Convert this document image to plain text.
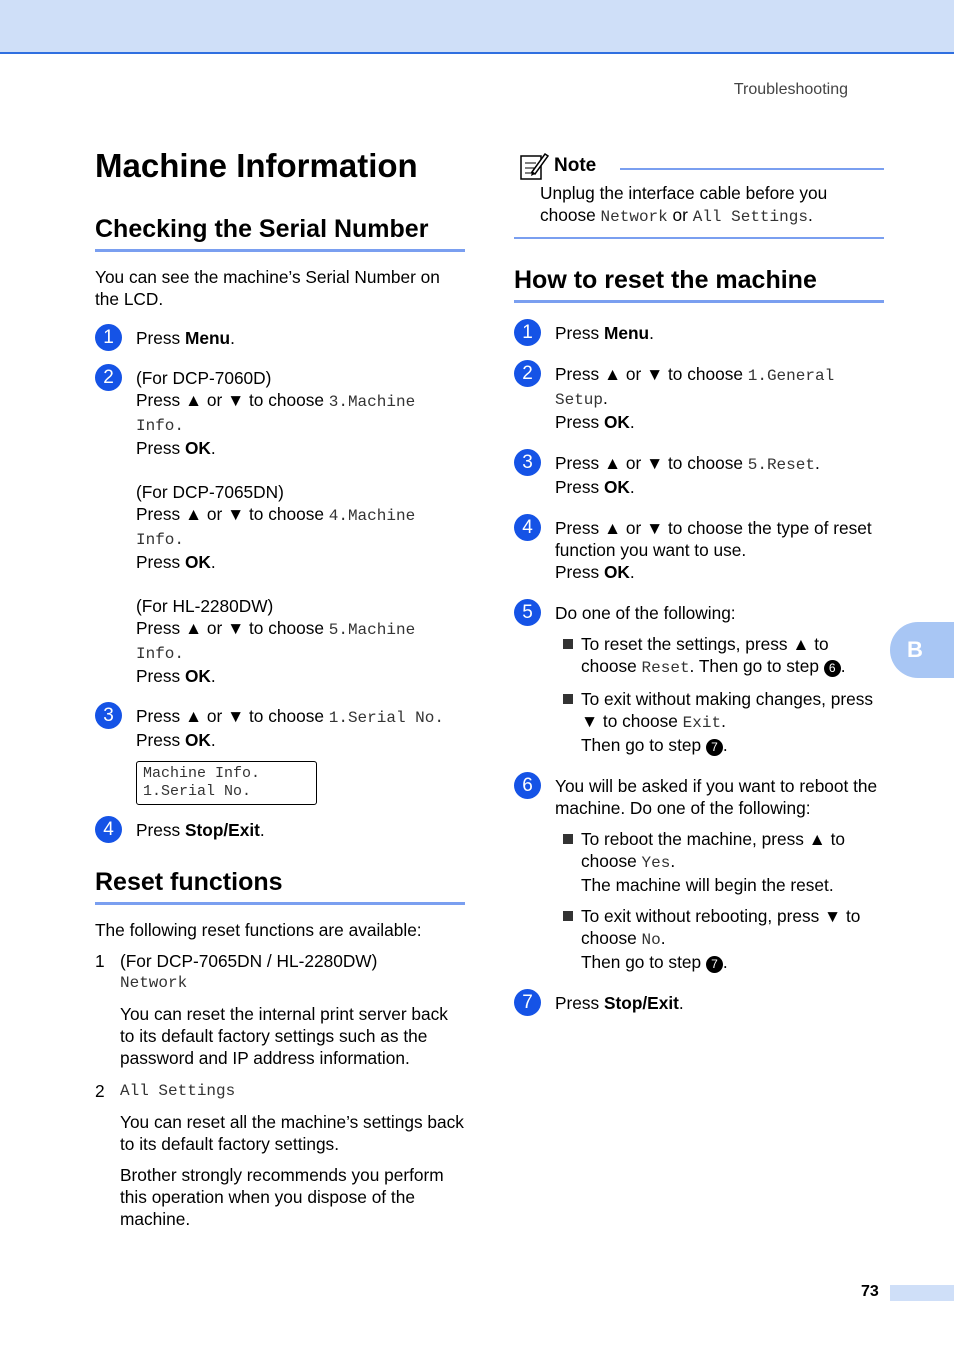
Troubleshooting
Machine Information
Checking the Serial Number
You can see the machine’s Serial Number on the LCD.
1	Press Menu.
2	(For DCP-7060D)
Press ▲ or ▼ to choose 3.Machine Info.
Press OK.
(For DCP-7065DN)
Press ▲ or ▼ to choose 4.Machine Info.
Press OK.
(For HL-2280DW)
Press ▲ or ▼ to choose 5.Machine Info.
Press OK.
3	Press ▲ or ▼ to choose 1.Serial No.
Press OK.
Machine Info.
1.Serial No.
4	Press Stop/Exit.
Reset functions
The following reset functions are available:
1 (For DCP-7065DN / HL-2280DW)
Network
You can reset the internal print server back to its default factory settings such as the password and IP address information.
2 All Settings
You can reset all the machine’s settings back to its default factory settings.
Brother strongly recommends you perform this operation when you dispose of the machine.
Note
Unplug the interface cable before you choose Network or All Settings.
How to reset the machine
1	Press Menu.
2	Press ▲ or ▼ to choose 1.General Setup.
Press OK.
3	Press ▲ or ▼ to choose 5.Reset.
Press OK.
4	Press ▲ or ▼ to choose the type of reset function you want to use.
Press OK.
5	Do one of the following:
To reset the settings, press ▲ to choose Reset. Then go to step 6 .
To exit without making changes, press ▼ to choose Exit.
Then go to step 7 .
6	You will be asked if you want to reboot the machine. Do one of the following:
To reboot the machine, press ▲ to choose Yes.
The machine will begin the reset.
To exit without rebooting, press ▼ to choose No.
Then go to step 7 .
7	Press Stop/Exit.
B
73
